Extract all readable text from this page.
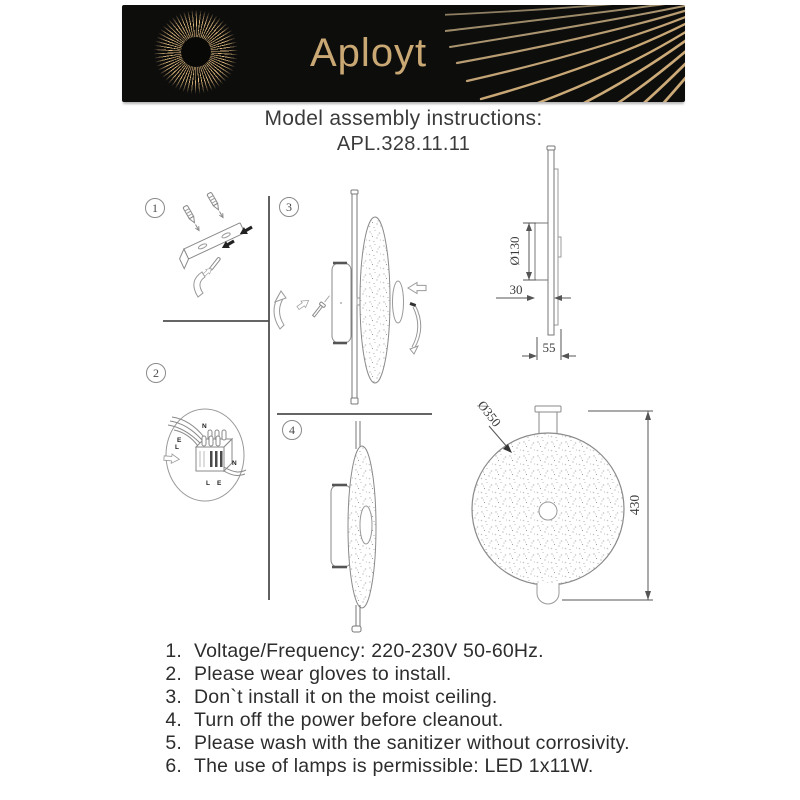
Aployt
Model assembly instructions:
APL.328.11.11
1
2
3
4
N
E
L
N
L E
Ø130
30
55
Ø350
430
1. Voltage/Frequency: 220-230V 50-60Hz.
2. Please wear gloves to install.
3. Don`t install it on the moist ceiling.
4. Turn off the power before cleanout.
5. Please wash with the sanitizer without corrosivity.
6. The use of lamps is permissible: LED 1x11W.
